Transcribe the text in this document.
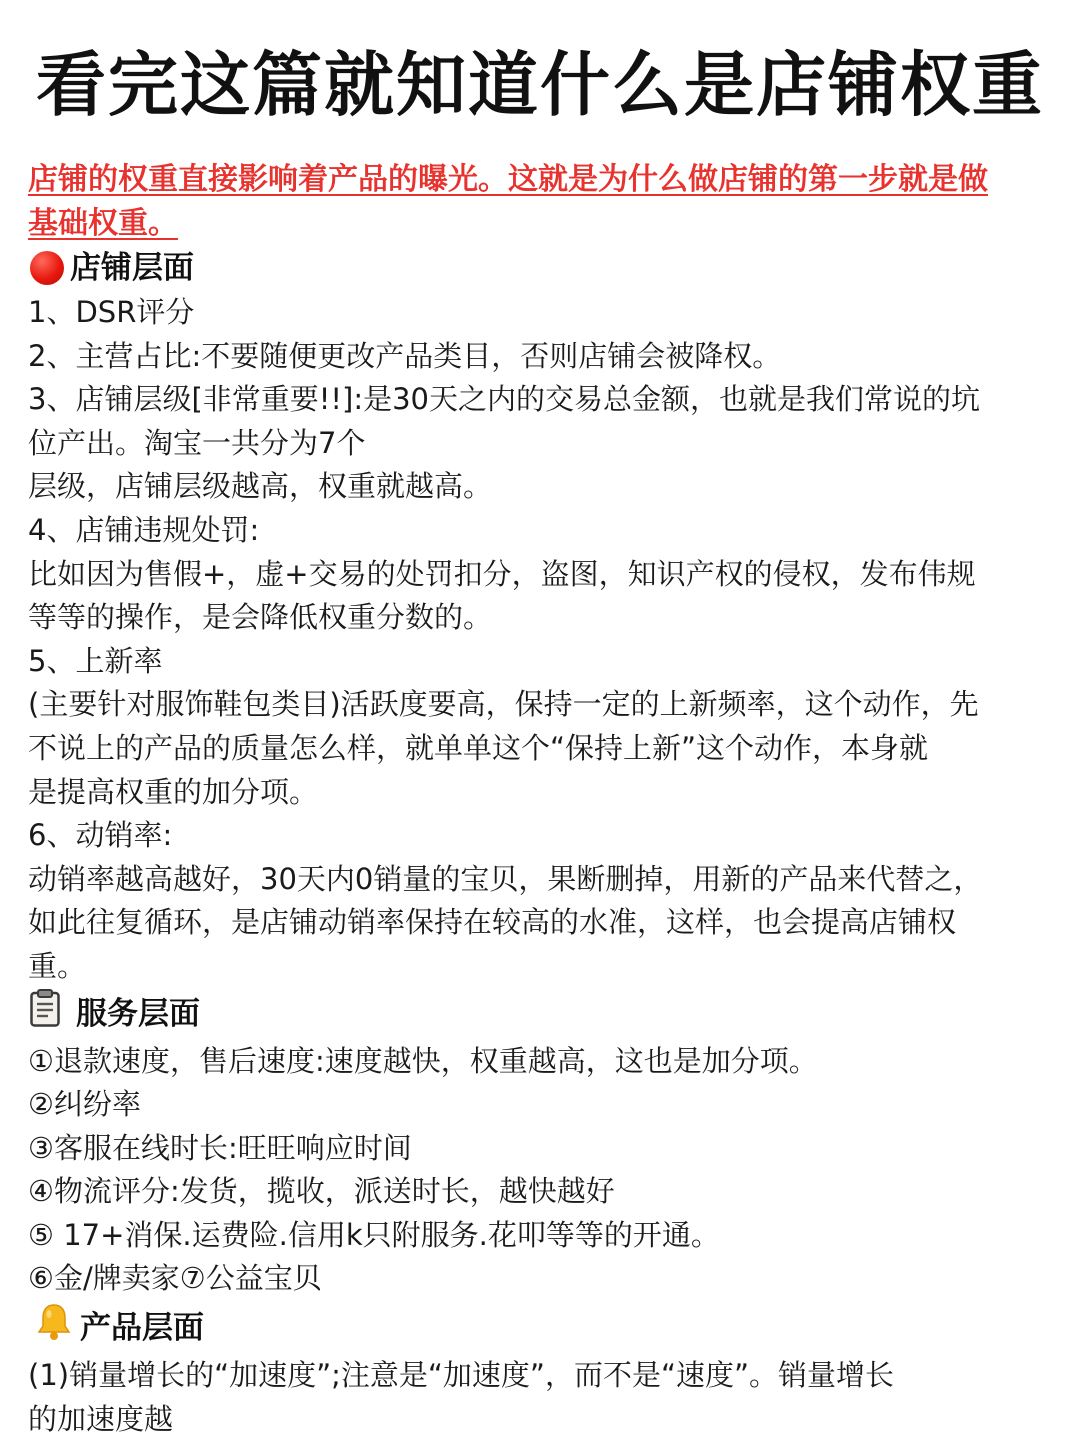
看完这篇就知道什么是店铺权重
店铺的权重直接影响着产品的曝光。这就是为什么做店铺的第一步就是做
基础权重。
店铺层面
1、DSR评分
2、主营占比:不要随便更改产品类目，否则店铺会被降权。
3、店铺层级[非常重要!!]:是30天之内的交易总金额，也就是我们常说的坑
位产出。淘宝一共分为7个
层级，店铺层级越高，权重就越高。
4、店铺违规处罚:
比如因为售假+，虚+交易的处罚扣分，盗图，知识产权的侵权，发布伟规
等等的操作，是会降低权重分数的。
5、上新率
(主要针对服饰鞋包类目)活跃度要高，保持一定的上新频率，这个动作，先
不说上的产品的质量怎么样，就单单这个“保持上新”这个动作，本身就
是提高权重的加分项。
6、动销率:
动销率越高越好，30天内0销量的宝贝，果断删掉，用新的产品来代替之，
如此往复循环，是店铺动销率保持在较高的水准，这样，也会提高店铺权
重。
服务层面
①退款速度，售后速度:速度越快，权重越高，这也是加分项。
②纠纷率
③客服在线时长:旺旺响应时间
④物流评分:发货，揽收，派送时长，越快越好
⑤ 17+消保.运费险.信用k只附服务.花叩等等的开通。
⑥金/牌卖家⑦公益宝贝
产品层面
(1)销量增长的“加速度”;注意是“加速度”，而不是“速度”。销量增长
的加速度越
